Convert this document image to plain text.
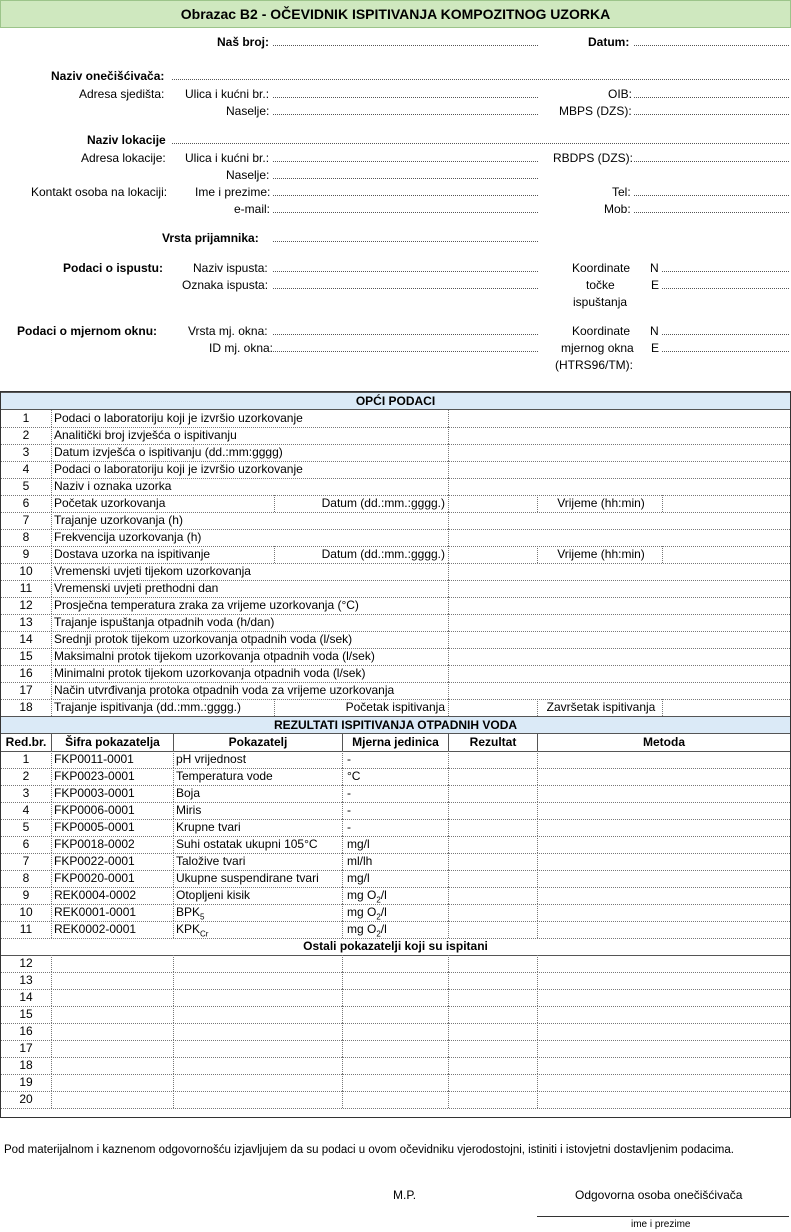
Obrazac B2 - OČEVIDNIK ISPITIVANJA KOMPOZITNOG UZORKA
Naš broj:	Datum:
Naziv onečišćivača:
Adresa sjedišta: Ulica i kućni br.:	OIB:
Naselje:	MBPS (DZS):
Naziv lokacije
Adresa lokacije: Ulica i kućni br.:	RBDPS (DZS):
Naselje:
Kontakt osoba na lokaciji: Ime i prezime:	Tel:
e-mail:	Mob:
Vrsta prijamnika:
Podaci o ispustu: Naziv ispusta:
Oznaka ispusta:
Koordinate
točke
ispuštanja
N
E
Podaci o mjernom oknu:	Vrsta mj. okna:
ID mj. okna:
Koordinate
mjernog okna
(HTRS96/TM):
N
E
OPĆI PODACI
1	Podaci o laboratoriju koji je izvršio uzorkovanje
2	Analitički broj izvješća o ispitivanju
3	Datum izvješća o ispitivanju (dd.:mm:gggg)
4	Podaci o laboratoriju koji je izvršio uzorkovanje
5	Naziv i oznaka uzorka
6	Početak uzorkovanja	Datum (dd.:mm.:gggg.)	Vrijeme (hh:min)
7	Trajanje uzorkovanja (h)
8	Frekvencija uzorkovanja (h)
9	Dostava uzorka na ispitivanje	Datum (dd.:mm.:gggg.)	Vrijeme (hh:min)
10	Vremenski uvjeti tijekom uzorkovanja
11	Vremenski uvjeti prethodni dan
12	Prosječna temperatura zraka za vrijeme uzorkovanja (°C)
13	Trajanje ispuštanja otpadnih voda (h/dan)
14	Srednji protok tijekom uzorkovanja otpadnih voda (l/sek)
15	Maksimalni protok tijekom uzorkovanja otpadnih voda (l/sek)
16	Minimalni protok tijekom uzorkovanja otpadnih voda (l/sek)
17	Način utvrđivanja protoka otpadnih voda za vrijeme uzorkovanja
18	Trajanje ispitivanja (dd.:mm.:gggg.)	Početak ispitivanja	Završetak ispitivanja
REZULTATI ISPITIVANJA OTPADNIH VODA
Red.br.	Šifra pokazatelja	Pokazatelj	Mjerna jedinica	Rezultat	Metoda
1	FKP0011-0001	pH vrijednost	-
2	FKP0023-0001	Temperatura vode	°C
3	FKP0003-0001	Boja	-
4	FKP0006-0001	Miris	-
5	FKP0005-0001	Krupne tvari	-
6	FKP0018-0002	Suhi ostatak ukupni 105°C	mg/l
7	FKP0022-0001	Taložive tvari	ml/lh
8	FKP0020-0001	Ukupne suspendirane tvari	mg/l
9	REK0004-0002	Otopljeni kisik	mg $O_2/l$
10	REK0001-0001	$BPK_5$	mg $O_2/l$
11	REK0002-0001	$KPK_{Cr}$	mg $O_2/l$
Ostali pokazatelji koji su ispitani
12
13
14
15
16
17
18
19
20
Pod materijalnom i kaznenom odgovornošću izjavljujem da su podaci u ovom očevidniku vjerodostojni, istiniti i istovjetni dostavljenim podacima.
M.P.	Odgovorna osoba onečišćivača
ime i prezime
